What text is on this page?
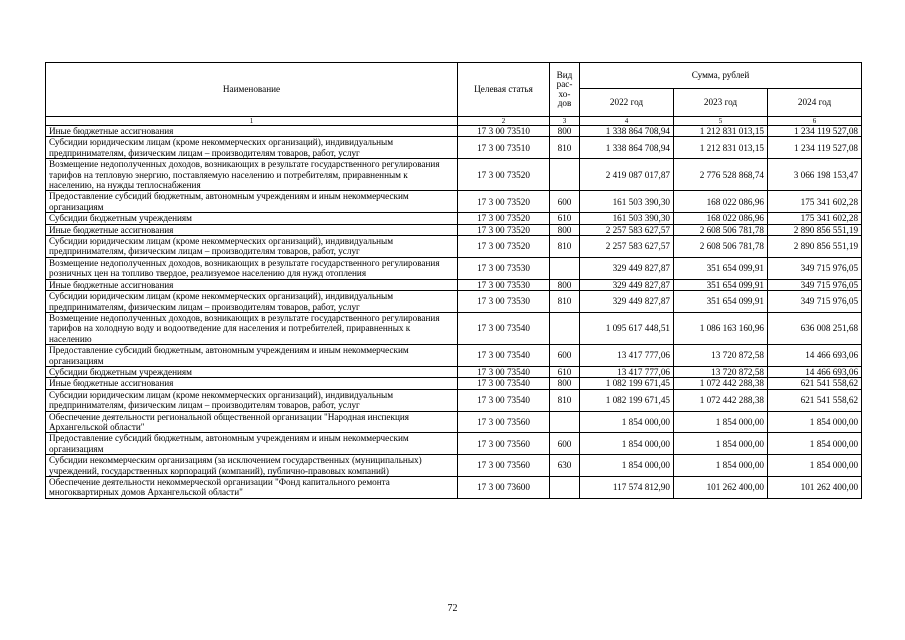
Наименование	Целевая статья	Вид рас- хо- дов	Сумма, рублей		
			2022 год	2023 год	2024 год
1	2	3	4	5	6
Иные бюджетные ассигнования	17 3 00 73510	800	1 338 864 708,94	1 212 831 013,15	1 234 119 527,08
Субсидии юридическим лицам (кроме некоммерческих организаций), индивидуальным предпринимателям, физическим лицам – производителям товаров, работ, услуг	17 3 00 73510	810	1 338 864 708,94	1 212 831 013,15	1 234 119 527,08
Возмещение недополученных доходов, возникающих в результате государственного регулирования тарифов на тепловую энергию, поставляемую населению и потребителям, приравненным к населению, на нужды теплоснабжения	17 3 00 73520		2 419 087 017,87	2 776 528 868,74	3 066 198 153,47
Предоставление субсидий бюджетным, автономным учреждениям и иным некоммерческим организациям	17 3 00 73520	600	161 503 390,30	168 022 086,96	175 341 602,28
Субсидии бюджетным учреждениям	17 3 00 73520	610	161 503 390,30	168 022 086,96	175 341 602,28
Иные бюджетные ассигнования	17 3 00 73520	800	2 257 583 627,57	2 608 506 781,78	2 890 856 551,19
Субсидии юридическим лицам (кроме некоммерческих организаций), индивидуальным предпринимателям, физическим лицам – производителям товаров, работ, услуг	17 3 00 73520	810	2 257 583 627,57	2 608 506 781,78	2 890 856 551,19
Возмещение недополученных доходов, возникающих в результате государственного регулирования розничных цен на топливо твердое, реализуемое населению для нужд отопления	17 3 00 73530		329 449 827,87	351 654 099,91	349 715 976,05
Иные бюджетные ассигнования	17 3 00 73530	800	329 449 827,87	351 654 099,91	349 715 976,05
Субсидии юридическим лицам (кроме некоммерческих организаций), индивидуальным предпринимателям, физическим лицам – производителям товаров, работ, услуг	17 3 00 73530	810	329 449 827,87	351 654 099,91	349 715 976,05
Возмещение недополученных доходов, возникающих в результате государственного регулирования тарифов на холодную воду и водоотведение для населения и потребителей, приравненных к населению	17 3 00 73540		1 095 617 448,51	1 086 163 160,96	636 008 251,68
Предоставление субсидий бюджетным, автономным учреждениям и иным некоммерческим организациям	17 3 00 73540	600	13 417 777,06	13 720 872,58	14 466 693,06
Субсидии бюджетным учреждениям	17 3 00 73540	610	13 417 777,06	13 720 872,58	14 466 693,06
Иные бюджетные ассигнования	17 3 00 73540	800	1 082 199 671,45	1 072 442 288,38	621 541 558,62
Субсидии юридическим лицам (кроме некоммерческих организаций), индивидуальным предпринимателям, физическим лицам – производителям товаров, работ, услуг	17 3 00 73540	810	1 082 199 671,45	1 072 442 288,38	621 541 558,62
Обеспечение деятельности региональной общественной организации "Народная инспекция Архангельской области"	17 3 00 73560		1 854 000,00	1 854 000,00	1 854 000,00
Предоставление субсидий бюджетным, автономным учреждениям и иным некоммерческим организациям	17 3 00 73560	600	1 854 000,00	1 854 000,00	1 854 000,00
Субсидии некоммерческим организациям (за исключением государственных (муниципальных) учреждений, государственных корпораций (компаний), публично-правовых компаний)	17 3 00 73560	630	1 854 000,00	1 854 000,00	1 854 000,00
Обеспечение деятельности некоммерческой организации "Фонд капитального ремонта многоквартирных домов Архангельской области"	17 3 00 73600		117 574 812,90	101 262 400,00	101 262 400,00
72
